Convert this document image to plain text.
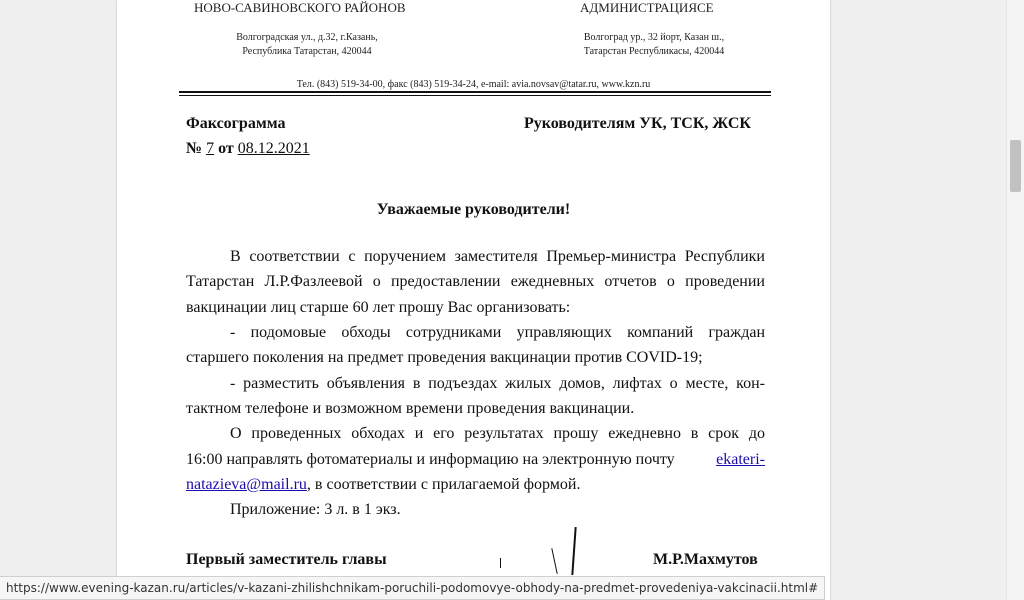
НОВО-САВИНОВСКОГО РАЙОНОВ	АДМИНИСТРАЦИЯСЕ
Волгоградская ул., д.32, г.Казань,
Республика Татарстан, 420044
Волгоград ур., 32 йорт, Казан ш.,
Татарстан Республикасы, 420044
Тел. (843) 519-34-00, факс (843) 519-34-24, e-mail: avia.novsav@tatar.ru, www.kzn.ru
Факсограмма	Руководителям УК, ТСК, ЖСК
№ 7 от 08.12.2021
Уважаемые руководители!
В соответствии с поручением заместителя Премьер-министра Республики
Татарстан Л.Р.Фазлеевой о предоставлении ежедневных отчетов о проведении
вакцинации лиц старше 60 лет прошу Вас организовать:
- подомовые обходы сотрудниками управляющих компаний граждан
старшего поколения на предмет проведения вакцинации против COVID-19;
- разместить объявления в подъездах жилых домов, лифтах о месте, кон-
тактном телефоне и возможном времени проведения вакцинации.
О проведенных обходах и его результатах прошу ежедневно в срок до
16:00 направлять фотоматериалы и информацию на электронную почту	ekateri-
natazieva@mail.ru, в соответствии с прилагаемой формой.
Приложение: 3 л. в 1 экз.
Первый заместитель главы	М.Р.Махмутов
https://www.evening-kazan.ru/articles/v-kazani-zhilishchnikam-poruchili-podomovye-obhody-na-predmet-provedeniya-vakcinacii.html#
